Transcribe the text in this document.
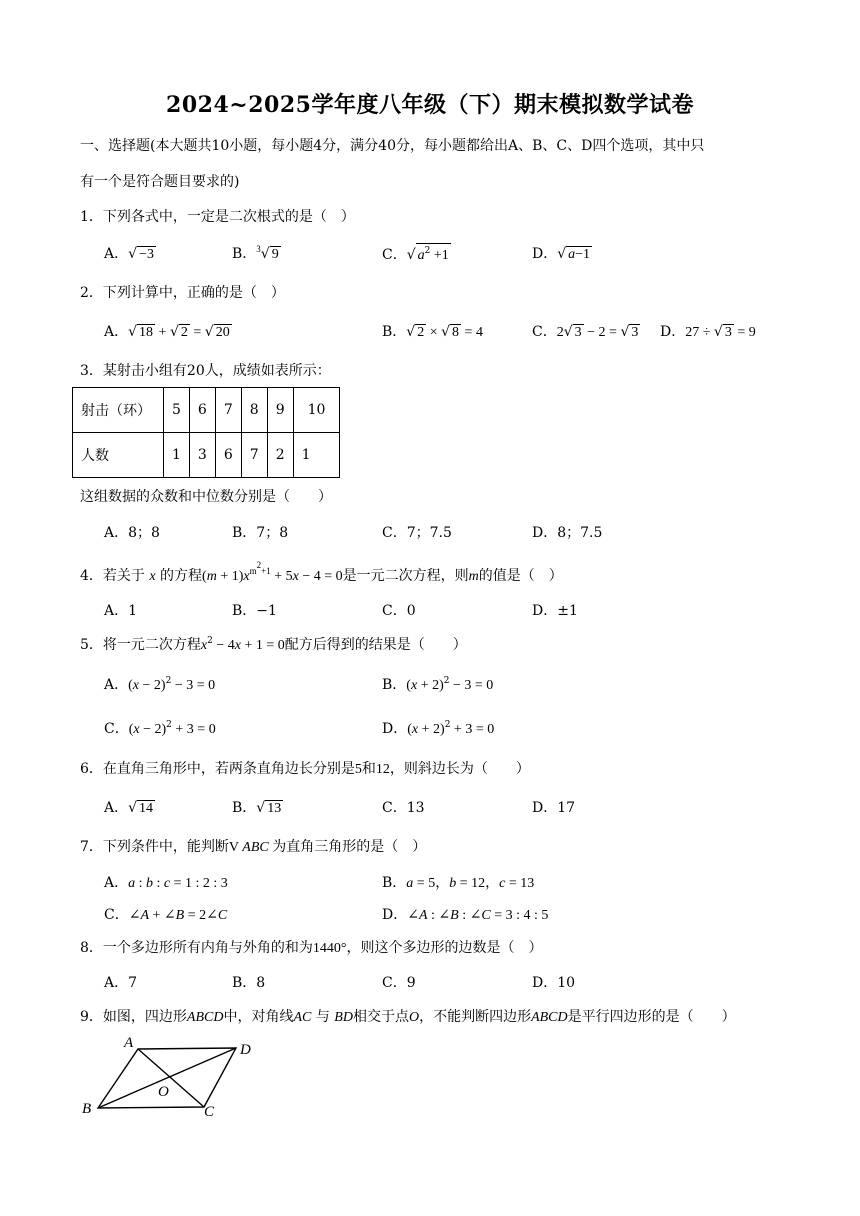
2024~2025学年度八年级（下）期末模拟数学试卷
一、选择题(本大题共10小题，每小题4分，满分40分，每小题都给出A、B、C、D四个选项，其中只
有一个是符合题目要求的)
1．下列各式中，一定是二次根式的是（　）
A．√ −3	B．$^3$√ 9	C．√ $a^2 +1$	D．√ a−1
2．下列计算中，正确的是（　）
A．√ 18 + √ 2 = √ 20	B．√ 2 × √ 8 = 4	C．2√ 3 − 2 = √ 3 D．27 ÷ √ 3 = 9
3．某射击小组有20人，成绩如表所示：
射击（环）	5	6	7	8	9	10
人数	1	3	6	7	2	1
这组数据的众数和中位数分别是（　　）
A．8；8	B．7；8	C．7；7.5	D．8；7.5
4．若关于 x 的方程$(m + 1)x^{m2+1} + 5x - 4 = 0$是一元二次方程，则m的值是（　）
A．1	B．−1	C．0	D．±1
5．将一元二次方程$x^2 - 4x + 1 = 0$配方后得到的结果是（　　）
A．$(x - 2)^2 - 3 = 0$	B．$(x + 2)^2 - 3 = 0$
C．$(x - 2)^2 + 3 = 0$	D．$(x + 2)^2 + 3 = 0$
6．在直角三角形中，若两条直角边长分别是5和12，则斜边长为（　　）
A．√ 14	B．√ 13	C．13	D．17
7．下列条件中，能判断V ABC 为直角三角形的是（　）
A．a : b : c = 1 : 2 : 3	B．a = 5，b = 12，c = 13
C．∠A + ∠B = 2∠C	D．∠A : ∠B : ∠C = 3 : 4 : 5
8．一个多边形所有内角与外角的和为1440°，则这个多边形的边数是（　）
A．7	B．8	C．9	D．10
9．如图，四边形ABCD中，对角线AC 与 BD相交于点O，不能判断四边形ABCD是平行四边形的是（　　）
A	D
O
B	C
